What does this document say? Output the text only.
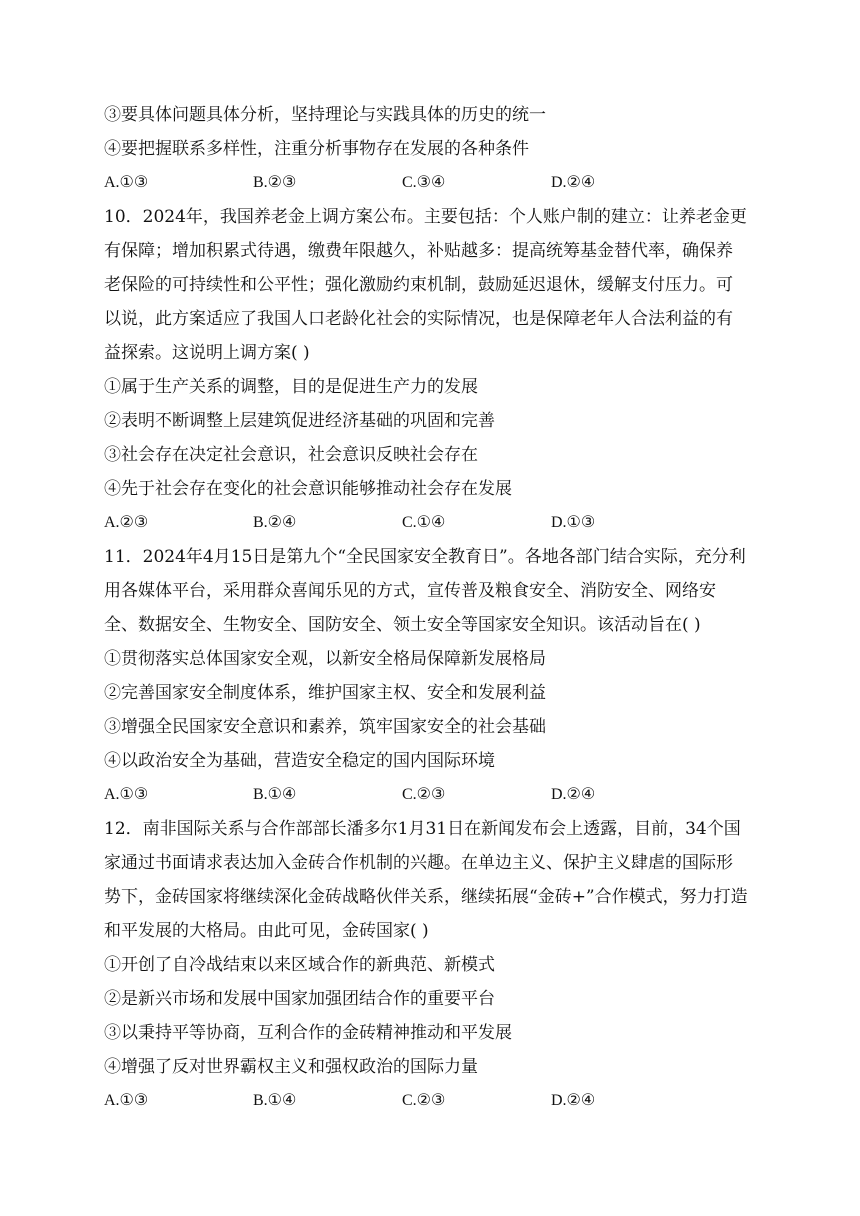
③要具体问题具体分析，坚持理论与实践具体的历史的统一
④要把握联系多样性，注重分析事物存在发展的各种条件
A.①③	B.②③	C.③④	D.②④
10．2024年，我国养老金上调方案公布。主要包括：个人账户制的建立：让养老金更
有保障；增加积累式待遇，缴费年限越久，补贴越多：提高统筹基金替代率，确保养
老保险的可持续性和公平性；强化激励约束机制，鼓励延迟退休，缓解支付压力。可
以说，此方案适应了我国人口老龄化社会的实际情况，也是保障老年人合法利益的有
益探索。这说明上调方案( )
①属于生产关系的调整，目的是促进生产力的发展
②表明不断调整上层建筑促进经济基础的巩固和完善
③社会存在决定社会意识，社会意识反映社会存在
④先于社会存在变化的社会意识能够推动社会存在发展
A.②③	B.②④	C.①④	D.①③
11．2024年4月15日是第九个“全民国家安全教育日”。各地各部门结合实际，充分利
用各媒体平台，采用群众喜闻乐见的方式，宣传普及粮食安全、消防安全、网络安
全、数据安全、生物安全、国防安全、领土安全等国家安全知识。该活动旨在( )
①贯彻落实总体国家安全观，以新安全格局保障新发展格局
②完善国家安全制度体系，维护国家主权、安全和发展利益
③增强全民国家安全意识和素养，筑牢国家安全的社会基础
④以政治安全为基础，营造安全稳定的国内国际环境
A.①③	B.①④	C.②③	D.②④
12．南非国际关系与合作部部长潘多尔1月31日在新闻发布会上透露，目前，34个国
家通过书面请求表达加入金砖合作机制的兴趣。在单边主义、保护主义肆虐的国际形
势下，金砖国家将继续深化金砖战略伙伴关系，继续拓展“金砖+”合作模式，努力打造
和平发展的大格局。由此可见，金砖国家( )
①开创了自冷战结束以来区域合作的新典范、新模式
②是新兴市场和发展中国家加强团结合作的重要平台
③以秉持平等协商，互利合作的金砖精神推动和平发展
④增强了反对世界霸权主义和强权政治的国际力量
A.①③	B.①④	C.②③	D.②④
